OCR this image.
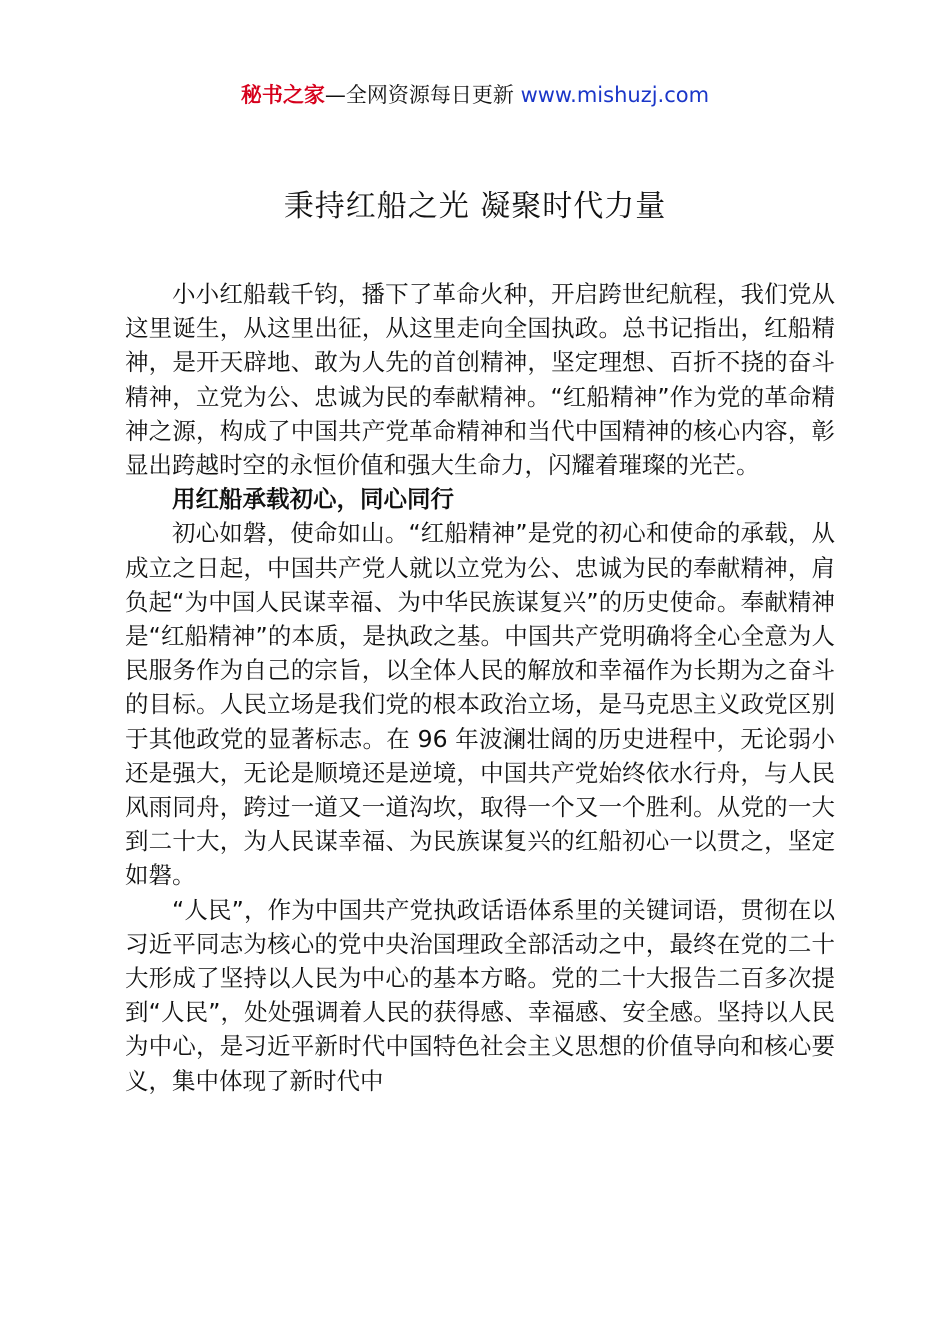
秘书之家—全网资源每日更新 www.mishuzj.com
秉持红船之光 凝聚时代力量

小小红船载千钧，播下了革命火种，开启跨世纪航程，我们党从这里诞生，从这里出征，从这里走向全国执政。总书记指出，红船精神，是开天辟地、敢为人先的首创精神，坚定理想、百折不挠的奋斗精神，立党为公、忠诚为民的奉献精神。“红船精神”作为党的革命精神之源，构成了中国共产党革命精神和当代中国精神的核心内容，彰显出跨越时空的永恒价值和强大生命力，闪耀着璀璨的光芒。

用红船承载初心，同心同行

初心如磐，使命如山。“红船精神”是党的初心和使命的承载，从成立之日起，中国共产党人就以立党为公、忠诚为民的奉献精神，肩负起“为中国人民谋幸福、为中华民族谋复兴”的历史使命。奉献精神是“红船精神”的本质，是执政之基。中国共产党明确将全心全意为人民服务作为自己的宗旨，以全体人民的解放和幸福作为长期为之奋斗的目标。人民立场是我们党的根本政治立场，是马克思主义政党区别于其他政党的显著标志。在 96 年波澜壮阔的历史进程中，无论弱小还是强大，无论是顺境还是逆境，中国共产党始终依水行舟，与人民风雨同舟，跨过一道又一道沟坎，取得一个又一个胜利。从党的一大到二十大，为人民谋幸福、为民族谋复兴的红船初心一以贯之，坚定如磐。

“人民”，作为中国共产党执政话语体系里的关键词语，贯彻在以习近平同志为核心的党中央治国理政全部活动之中，最终在党的二十大形成了坚持以人民为中心的基本方略。党的二十大报告二百多次提到“人民”，处处强调着人民的获得感、幸福感、安全感。坚持以人民为中心，是习近平新时代中国特色社会主义思想的价值导向和核心要义，集中体现了新时代中
